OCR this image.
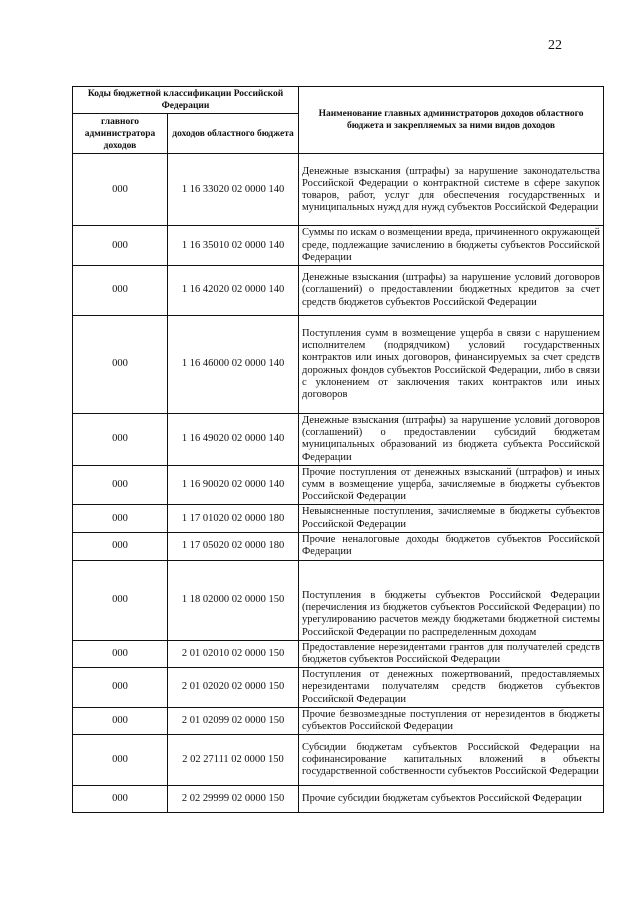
22
Коды бюджетной классификации Российской Федерации		Наименование главных администраторов доходов областного бюджета и закрепляемых за ними видов доходов
главного администратора доходов	доходов областного бюджета	
000	1 16 33020 02 0000 140	Денежные взыскания (штрафы) за нарушение законодательства Российской Федерации о контрактной системе в сфере закупок товаров, работ, услуг для обеспечения государственных и муниципальных нужд для нужд субъектов Российской Федерации
000	1 16 35010 02 0000 140	Суммы по искам о возмещении вреда, причиненного окружающей среде, подлежащие зачислению в бюджеты субъектов Российской Федерации
000	1 16 42020 02 0000 140	Денежные взыскания (штрафы) за нарушение условий договоров (соглашений) о предоставлении бюджетных кредитов за счет средств бюджетов субъектов Российской Федерации
000	1 16 46000 02 0000 140	Поступления сумм в возмещение ущерба в связи с нарушением исполнителем (подрядчиком) условий государственных контрактов или иных договоров, финансируемых за счет средств дорожных фондов субъектов Российской Федерации, либо в связи с уклонением от заключения таких контрактов или иных договоров
000	1 16 49020 02 0000 140	Денежные взыскания (штрафы) за нарушение условий договоров (соглашений) о предоставлении субсидий бюджетам муниципальных образований из бюджета субъекта Российской Федерации
000	1 16 90020 02 0000 140	Прочие поступления от денежных взысканий (штрафов) и иных сумм в возмещение ущерба, зачисляемые в бюджеты субъектов Российской Федерации
000	1 17 01020 02 0000 180	Невыясненные поступления, зачисляемые в бюджеты субъектов Российской Федерации
000	1 17 05020 02 0000 180	Прочие неналоговые доходы бюджетов субъектов Российской Федерации
000	1 18 02000 02 0000 150	Поступления в бюджеты субъектов Российской Федерации (перечисления из бюджетов субъектов Российской Федерации) по урегулированию расчетов между бюджетами бюджетной системы Российской Федерации по распределенным доходам
000	2 01 02010 02 0000 150	Предоставление нерезидентами грантов для получателей средств бюджетов субъектов Российской Федерации
000	2 01 02020 02 0000 150	Поступления от денежных пожертвований, предоставляемых нерезидентами получателям средств бюджетов субъектов Российской Федерации
000	2 01 02099 02 0000 150	Прочие безвозмездные поступления от нерезидентов в бюджеты субъектов Российской Федерации
000	2 02 27111 02 0000 150	Субсидии бюджетам субъектов Российской Федерации на софинансирование капитальных вложений в объекты государственной собственности субъектов Российской Федерации
000	2 02 29999 02 0000 150	Прочие субсидии бюджетам субъектов Российской Федерации
